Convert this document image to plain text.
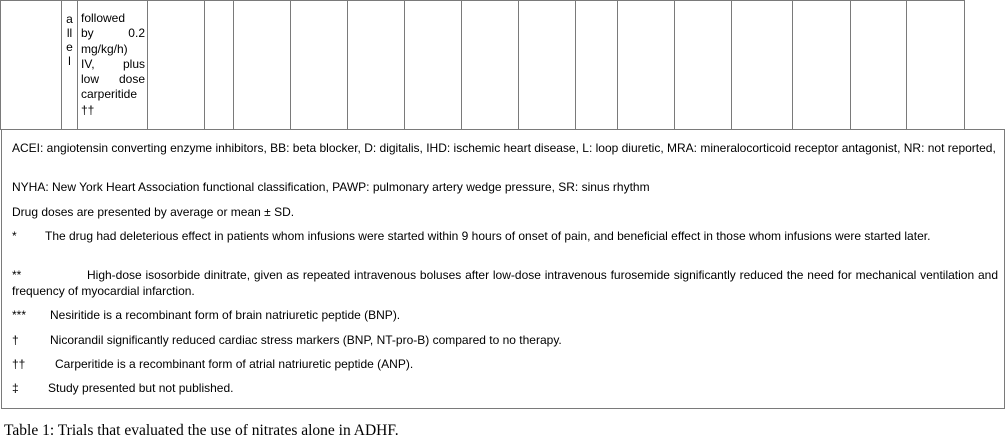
a
ll
e
l

followed
by 0.2
mg/kg/h)
IV, plus
low dose
carperitide
††

ACEI: angiotensin converting enzyme inhibitors, BB: beta blocker, D: digitalis, IHD: ischemic heart disease, L: loop diuretic, MRA: mineralocorticoid receptor antagonist, NR: not reported,
NYHA: New York Heart Association functional classification, PAWP: pulmonary artery wedge pressure, SR: sinus rhythm
Drug doses are presented by average or mean ± SD.
* The drug had deleterious effect in patients whom infusions were started within 9 hours of onset of pain, and beneficial effect in those whom infusions were started later.
**	High-dose isosorbide dinitrate, given as repeated intravenous boluses after low-dose intravenous furosemide significantly reduced the need for mechanical ventilation and frequency of myocardial infarction.
*** Nesiritide is a recombinant form of brain natriuretic peptide (BNP).
†	Nicorandil significantly reduced cardiac stress markers (BNP, NT-pro-B) compared to no therapy.
†† Carperitide is a recombinant form of atrial natriuretic peptide (ANP).
‡ Study presented but not published.
Table 1: Trials that evaluated the use of nitrates alone in ADHF.
